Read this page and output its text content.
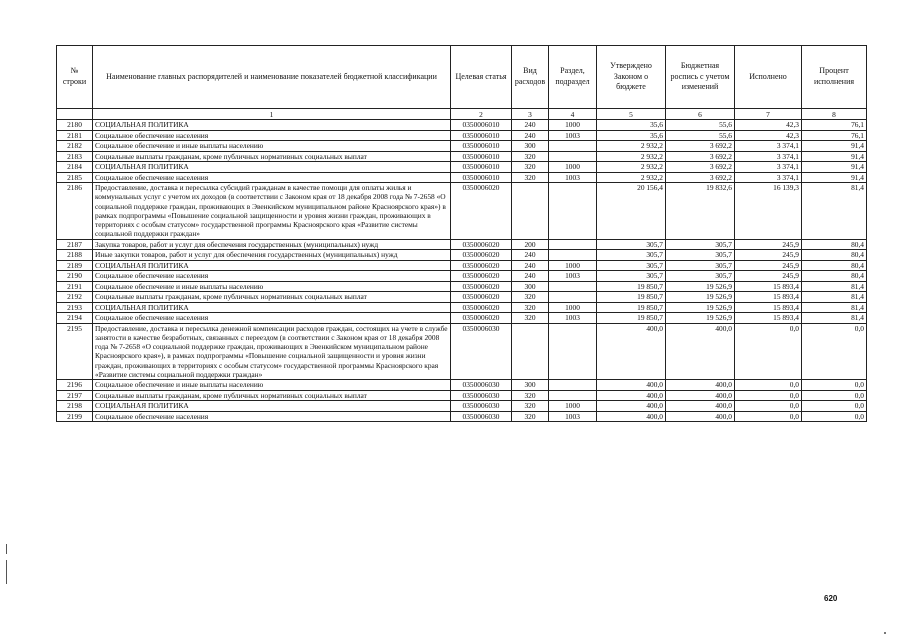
№ строки	Наименование главных распорядителей и наименование показателей бюджетной классификации	Целевая статья	Вид расходов	Раздел, подраздел	Утверждено Законом о бюджете	Бюджетная роспись с учетом изменений	Исполнено	Процент исполнения
	1	2	3	4	5	6	7	8
2180	СОЦИАЛЬНАЯ ПОЛИТИКА	0350006010	240	1000	35,6	55,6	42,3	76,1
2181	Социальное обеспечение населения	0350006010	240	1003	35,6	55,6	42,3	76,1
2182	Социальное обеспечение и иные выплаты населению	0350006010	300		2 932,2	3 692,2	3 374,1	91,4
2183	Социальные выплаты гражданам, кроме публичных нормативных социальных выплат	0350006010	320		2 932,2	3 692,2	3 374,1	91,4
2184	СОЦИАЛЬНАЯ ПОЛИТИКА	0350006010	320	1000	2 932,2	3 692,2	3 374,1	91,4
2185	Социальное обеспечение населения	0350006010	320	1003	2 932,2	3 692,2	3 374,1	91,4
2186	Предоставление, доставка и пересылка субсидий гражданам в качестве помощи для оплаты жилья и коммунальных услуг с учетом их доходов (в соответствии с Законом края от 18 декабря 2008 года № 7-2658 «О социальной поддержке граждан, проживающих в Эвенкийском муниципальном районе Красноярского края») в рамках подпрограммы «Повышение социальной защищенности и уровня жизни граждан, проживающих в территориях с особым статусом» государственной программы Красноярского края «Развитие системы социальной поддержки граждан»	0350006020			20 156,4	19 832,6	16 139,3	81,4
2187	Закупка товаров, работ и услуг для обеспечения государственных (муниципальных) нужд	0350006020	200		305,7	305,7	245,9	80,4
2188	Иные закупки товаров, работ и услуг для обеспечения государственных (муниципальных) нужд	0350006020	240		305,7	305,7	245,9	80,4
2189	СОЦИАЛЬНАЯ ПОЛИТИКА	0350006020	240	1000	305,7	305,7	245,9	80,4
2190	Социальное обеспечение населения	0350006020	240	1003	305,7	305,7	245,9	80,4
2191	Социальное обеспечение и иные выплаты населению	0350006020	300		19 850,7	19 526,9	15 893,4	81,4
2192	Социальные выплаты гражданам, кроме публичных нормативных социальных выплат	0350006020	320		19 850,7	19 526,9	15 893,4	81,4
2193	СОЦИАЛЬНАЯ ПОЛИТИКА	0350006020	320	1000	19 850,7	19 526,9	15 893,4	81,4
2194	Социальное обеспечение населения	0350006020	320	1003	19 850,7	19 526,9	15 893,4	81,4
2195	Предоставление, доставка и пересылка денежной компенсации расходов граждан, состоящих на учете в службе занятости в качестве безработных, связанных с переездом (в соответствии с Законом края от 18 декабря 2008 года № 7-2658 «О социальной поддержке граждан, проживающих в Эвенкийском муниципальном районе Красноярского края»), в рамках подпрограммы «Повышение социальной защищенности и уровня жизни граждан, проживающих в территориях с особым статусом» государственной программы Красноярского края «Развитие системы социальной поддержки граждан»	0350006030			400,0	400,0	0,0	0,0
2196	Социальное обеспечение и иные выплаты населению	0350006030	300		400,0	400,0	0,0	0,0
2197	Социальные выплаты гражданам, кроме публичных нормативных социальных выплат	0350006030	320		400,0	400,0	0,0	0,0
2198	СОЦИАЛЬНАЯ ПОЛИТИКА	0350006030	320	1000	400,0	400,0	0,0	0,0
2199	Социальное обеспечение населения	0350006030	320	1003	400,0	400,0	0,0	0,0
620
